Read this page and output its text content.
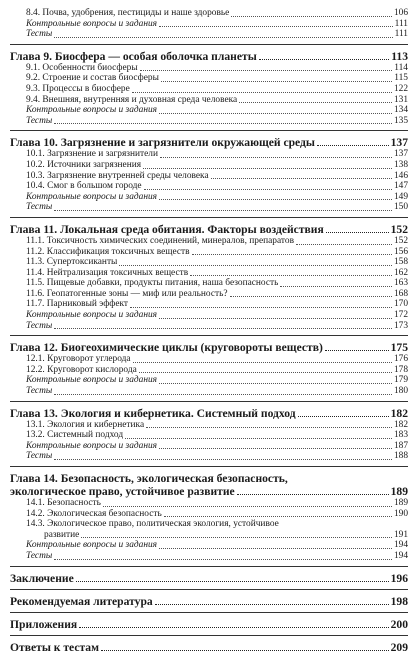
8.4. Почва, удобрения, пестициды и наше здоровье	106
Контрольные вопросы и задания	111
Тесты	111
Глава 9. Биосфера — особая оболочка планеты	113
9.1. Особенности биосферы	114
9.2. Строение и состав биосферы	115
9.3. Процессы в биосфере	122
9.4. Внешняя, внутренняя и духовная среда человека	131
Контрольные вопросы и задания	134
Тесты	135
Глава 10. Загрязнение и загрязнители окружающей среды	137
10.1. Загрязнение и загрязнители	137
10.2. Источники загрязнения	138
10.3. Загрязнение внутренней среды человека	146
10.4. Смог в большом городе	147
Контрольные вопросы и задания	149
Тесты	150
Глава 11. Локальная среда обитания. Факторы воздействия	152
11.1. Токсичность химических соединений, минералов, препаратов	152
11.2. Классификация токсичных веществ	156
11.3. Супертоксиканты	158
11.4. Нейтрализация токсичных веществ	162
11.5. Пищевые добавки, продукты питания, наша безопасность	163
11.6. Геопатогенные зоны — миф или реальность?	168
11.7. Парниковый эффект	170
Контрольные вопросы и задания	172
Тесты	173
Глава 12. Биогеохимические циклы (круговороты веществ)	175
12.1. Круговорот углерода	176
12.2. Круговорот кислорода	178
Контрольные вопросы и задания	179
Тесты	180
Глава 13. Экология и кибернетика. Системный подход	182
13.1. Экология и кибернетика	182
13.2. Системный подход	183
Контрольные вопросы и задания	187
Тесты	188
Глава 14. Безопасность, экологическая безопасность,
экологическое право, устойчивое развитие	189
14.1. Безопасность	189
14.2. Экологическая безопасность	190
14.3. Экологическое право, политическая экология, устойчивое
развитие	191
Контрольные вопросы и задания	194
Тесты	194
Заключение	196
Рекомендуемая литература	198
Приложения	200
Ответы к тестам	209
